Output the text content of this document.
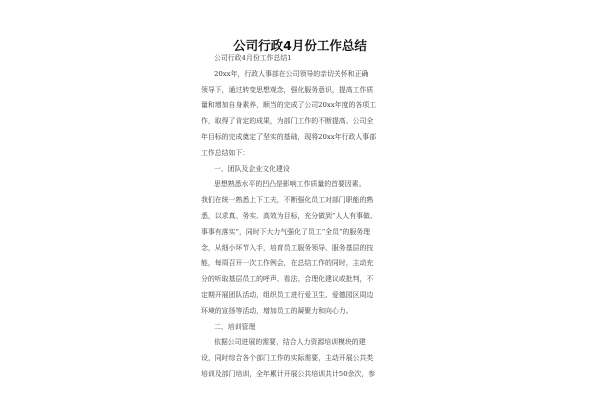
公司行政4月份工作总结
公司行政4月份工作总结1
20xx年，行政人事部在公司领导的亲切关怀和正确
领导下，通过转变思想观念，强化服务意识，提高工作质
量和增加自身素养，顺当的完成了公司20xx年度的各项工
作，取得了肯定的成果，为部门工作的不断提高、公司全
年目标的完成奠定了坚实的基础，现将20xx年行政人事部
工作总结如下：
一、团队及企业文化建设
思想熟悉水平的凹凸是影响工作质量的首要因素。
我们在统一熟悉上下工夫，不断强化员工对部门职能的熟
悉，以求真、务实、高效为目标，充分做到“人人有事做、
事事有落实”，同时下大力气强化了员工“全员”的服务理
念，从细小环节入手，培育员工服务领导、服务基层的技
能，每周召开一次工作例会，在总结工作的同时，主动充
分的听取基层员工的呼声、看法、合理化建议或批判，不
定期开展团队活动，组织员工进行爱卫生、爱德园区周边
环境的宣扬等活动，增加员工的凝聚力和向心力。
二、培训管理
依据公司进展的需要，结合人力资源培训模块的建
设，同时综合各个部门工作的实际需要，主动开展公共类
培训及部门培训，全年累计开展公共培训共计50余次，参
